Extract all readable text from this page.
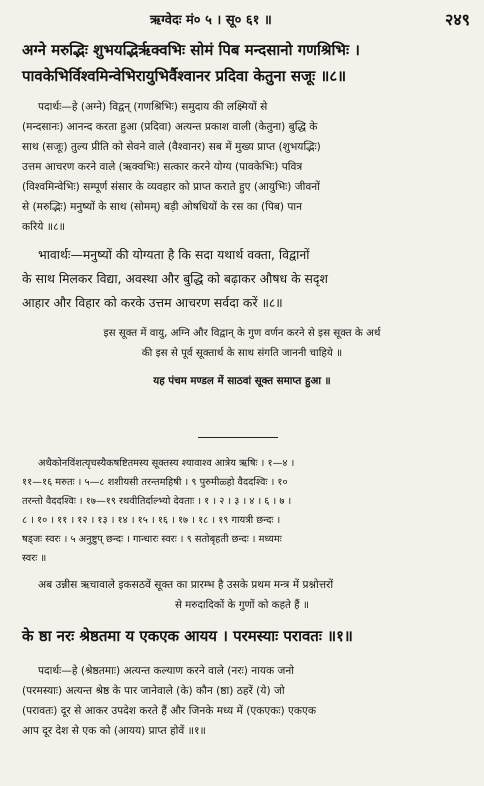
ऋग्वेदः मं० ५ । सू० ६१ ॥	२४९
अग्ने मरुद्भिः शुभयद्भिर्ऋक्वभिः सोमं पिब मन्दसानो गणश्रिभिः ।
पावकेभिर्विश्वमिन्वेभिरायुभिर्वैश्वानर प्रदिवा केतुना सजूः ॥८॥
पदार्थः—हे (अग्ने) विद्वन् (गणश्रिभिः) समुदाय की लक्ष्मियों से
(मन्दसानः) आनन्द करता हुआ (प्रदिवा) अत्यन्त प्रकाश वाली (केतुना) बुद्धि के
साथ (सजूः) तुल्य प्रीति को सेवने वाले (वैश्वानर) सब में मुख्य प्राप्त (शुभयद्भिः)
उत्तम आचरण करने वाले (ऋक्वभिः) सत्कार करने योग्य (पावकेभिः) पवित्र
(विश्वमिन्वेभिः) सम्पूर्ण संसार के व्यवहार को प्राप्त कराते हुए (आयुभिः) जीवनों
से (मरुद्भिः) मनुष्यों के साथ (सोमम्) बड़ी ओषधियों के रस का (पिब) पान
करिये ॥८॥
भावार्थः—मनुष्यों की योग्यता है कि सदा यथार्थ वक्ता, विद्वानों
के साथ मिलकर विद्या, अवस्था और बुद्धि को बढ़ाकर औषध के सदृश
आहार और विहार को करके उत्तम आचरण सर्वदा करें ॥८॥
इस सूक्त में वायु, अग्नि और विद्वान् के गुण वर्णन करने से इस सूक्त के अर्थ
की इस से पूर्व सूक्तार्थ के साथ संगति जाननी चाहिये ॥
यह पंचम मण्डल में साठवां सूक्त समाप्त हुआ ॥
अथैकोनविंशत्यृचस्यैकषष्टितमस्य सूक्तस्य श्यावाश्व आत्रेय ऋषिः । १—४ ।
११—१६ मरुतः । ५—८ शशीयसी तरन्तमहिषी । ९ पुरुमीळ्हो वैददश्विः । १०
तरन्तो वैददश्विः । १७—१९ रथवीतिर्दाल्भ्यो देवताः । १ । २ । ३ । ४ । ६ । ७ ।
८ । १० । ११ । १२ । १३ । १४ । १५ । १६ । १७ । १८ । १९ गायत्री छन्दः ।
षड्जः स्वरः । ५ अनुष्टुप् छन्दः । गान्धारः स्वरः । ९ सतोबृहती छन्दः । मध्यमः
स्वरः ॥
अब उन्नीस ऋचावाले इकसठवें सूक्त का प्रारम्भ है उसके प्रथम मन्त्र में प्रश्नोत्तरों
से मरुदादिकों के गुणों को कहते हैं ॥
के ष्ठा नरः श्रेष्ठतमा य एकएक आयय । परमस्याः परावतः ॥१॥
पदार्थः—हे (श्रेष्ठतमाः) अत्यन्त कल्याण करने वाले (नरः) नायक जनो
(परमस्याः) अत्यन्त श्रेष्ठ के पार जानेवाले (के) कौन (ष्ठा) ठहरें (ये) जो
(परावतः) दूर से आकर उपदेश करते हैं और जिनके मध्य में (एकएकः) एकएक
आप दूर देश से एक को (आयय) प्राप्त होवें ॥१॥
